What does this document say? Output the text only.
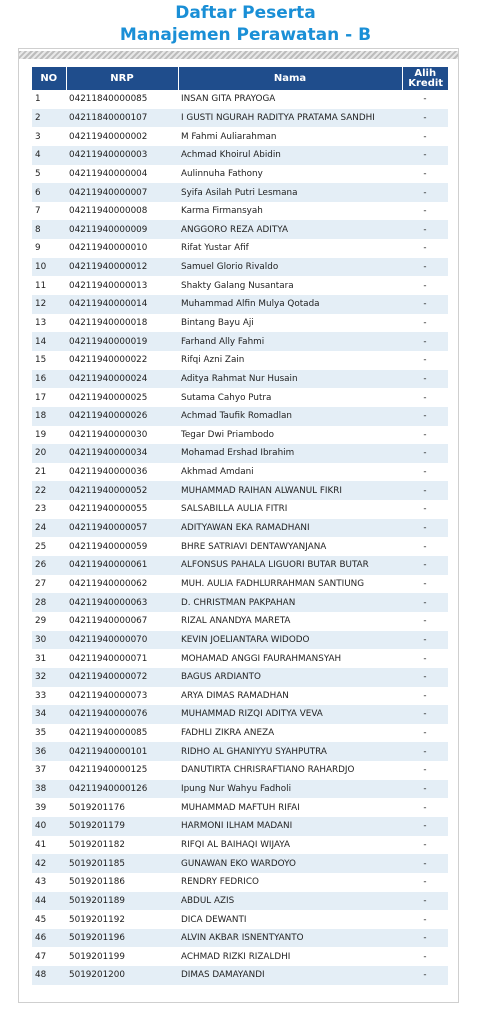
Daftar Peserta
Manajemen Perawatan - B
NO	NRP	Nama	Alih Kredit
1	04211840000085	INSAN GITA PRAYOGA	-
2	04211840000107	I GUSTI NGURAH RADITYA PRATAMA SANDHI	-
3	04211940000002	M Fahmi Auliarahman	-
4	04211940000003	Achmad Khoirul Abidin	-
5	04211940000004	Aulinnuha Fathony	-
6	04211940000007	Syifa Asilah Putri Lesmana	-
7	04211940000008	Karma Firmansyah	-
8	04211940000009	ANGGORO REZA ADITYA	-
9	04211940000010	Rifat Yustar Afif	-
10	04211940000012	Samuel Glorio Rivaldo	-
11	04211940000013	Shakty Galang Nusantara	-
12	04211940000014	Muhammad Alfin Mulya Qotada	-
13	04211940000018	Bintang Bayu Aji	-
14	04211940000019	Farhand Ally Fahmi	-
15	04211940000022	Rifqi Azni Zain	-
16	04211940000024	Aditya Rahmat Nur Husain	-
17	04211940000025	Sutama Cahyo Putra	-
18	04211940000026	Achmad Taufik Romadlan	-
19	04211940000030	Tegar Dwi Priambodo	-
20	04211940000034	Mohamad Ershad Ibrahim	-
21	04211940000036	Akhmad Amdani	-
22	04211940000052	MUHAMMAD RAIHAN ALWANUL FIKRI	-
23	04211940000055	SALSABILLA AULIA FITRI	-
24	04211940000057	ADITYAWAN EKA RAMADHANI	-
25	04211940000059	BHRE SATRIAVI DENTAWYANJANA	-
26	04211940000061	ALFONSUS PAHALA LIGUORI BUTAR BUTAR	-
27	04211940000062	MUH. AULIA FADHLURRAHMAN SANTIUNG	-
28	04211940000063	D. CHRISTMAN PAKPAHAN	-
29	04211940000067	RIZAL ANANDYA MARETA	-
30	04211940000070	KEVIN JOELIANTARA WIDODO	-
31	04211940000071	MOHAMAD ANGGI FAURAHMANSYAH	-
32	04211940000072	BAGUS ARDIANTO	-
33	04211940000073	ARYA DIMAS RAMADHAN	-
34	04211940000076	MUHAMMAD RIZQI ADITYA VEVA	-
35	04211940000085	FADHLI ZIKRA ANEZA	-
36	04211940000101	RIDHO AL GHANIYYU SYAHPUTRA	-
37	04211940000125	DANUTIRTA CHRISRAFTIANO RAHARDJO	-
38	04211940000126	Ipung Nur Wahyu Fadholi	-
39	5019201176	MUHAMMAD MAFTUH RIFAI	-
40	5019201179	HARMONI ILHAM MADANI	-
41	5019201182	RIFQI AL BAIHAQI WIJAYA	-
42	5019201185	GUNAWAN EKO WARDOYO	-
43	5019201186	RENDRY FEDRICO	-
44	5019201189	ABDUL AZIS	-
45	5019201192	DICA DEWANTI	-
46	5019201196	ALVIN AKBAR ISNENTYANTO	-
47	5019201199	ACHMAD RIZKI RIZALDHI	-
48	5019201200	DIMAS DAMAYANDI	-
